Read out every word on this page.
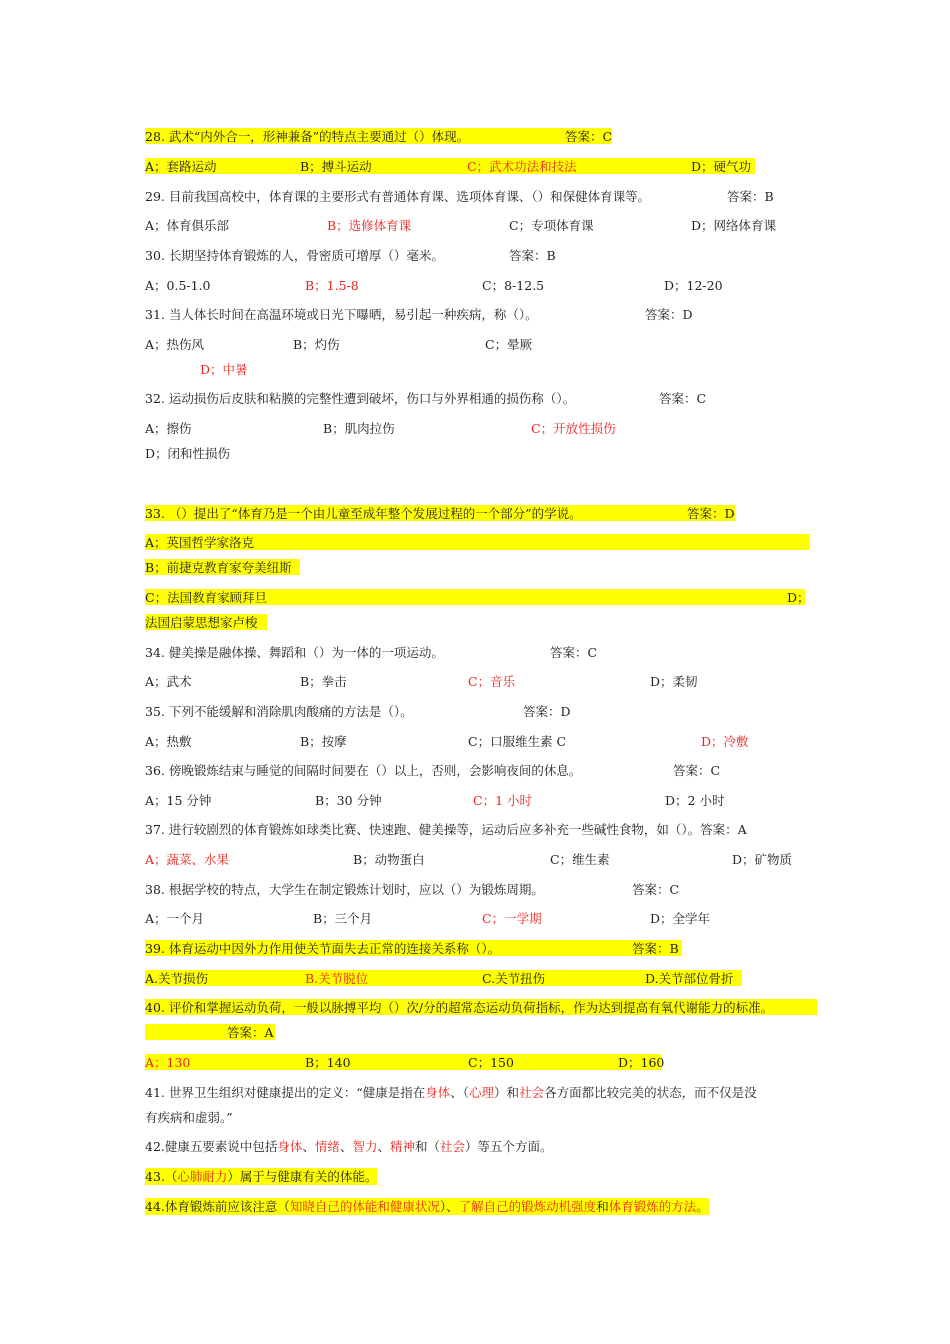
28. 武术“内外合一，形神兼备”的特点主要通过（）体现。	答案：C
A；套路运动	B；搏斗运动	C；武术功法和技法	D；硬气功
29. 目前我国高校中，体育课的主要形式有普通体育课、选项体育课、（）和保健体育课等。	答案：B
A；体育俱乐部	B；选修体育课	C；专项体育课	D；网络体育课
30. 长期坚持体育锻炼的人，骨密质可增厚（）毫米。	答案：B
A；0.5-1.0	B；1.5-8	C；8-12.5	D；12-20
31. 当人体长时间在高温环境或日光下曝晒，易引起一种疾病，称（）。	答案：D
A；热伤风	B；灼伤	C；晕厥
D；中暑
32. 运动损伤后皮肤和粘膜的完整性遭到破坏，伤口与外界相通的损伤称（）。	答案：C
A；擦伤	B；肌肉拉伤	C；开放性损伤
D；闭和性损伤
33. （）提出了“体育乃是一个由儿童至成年整个发展过程的一个部分”的学说。	答案：D
A；英国哲学家洛克
B；前捷克教育家夸美纽斯
C；法国教育家顾拜旦	D；
法国启蒙思想家卢梭
34. 健美操是融体操、舞蹈和（）为一体的一项运动。	答案：C
A；武术	B；拳击	C；音乐	D；柔韧
35. 下列不能缓解和消除肌肉酸痛的方法是（）。	答案：D
A；热敷	B；按摩	C；口服维生素 C	D；冷敷
36. 傍晚锻炼结束与睡觉的间隔时间要在（）以上，否则，会影响夜间的休息。	答案：C
A；15 分钟	B；30 分钟	C；1 小时	D；2 小时
37. 进行较剧烈的体育锻炼如球类比赛、快速跑、健美操等，运动后应多补充一些碱性食物，如（）。答案：A
A；蔬菜、水果	B；动物蛋白	C；维生素	D；矿物质
38. 根据学校的特点，大学生在制定锻炼计划时，应以（）为锻炼周期。	答案：C
A；一个月	B；三个月	C；一学期	D；全学年
39. 体育运动中因外力作用使关节面失去正常的连接关系称（）。	答案：B
A.关节损伤	B.关节脱位	C.关节扭伤	D.关节部位骨折
40. 评价和掌握运动负荷，一般以脉搏平均（）次/分的超常态运动负荷指标，作为达到提高有氧代谢能力的标准。
答案：A
A；130	B；140	C；150	D；160
41. 世界卫生组织对健康提出的定义：“健康是指在身体、（心理）和社会各方面都比较完美的状态，而不仅是没
有疾病和虚弱。”
42.健康五要素说中包括身体、情绪、智力、精神和（社会）等五个方面。
43.（心肺耐力）属于与健康有关的体能。
44.体育锻炼前应该注意（知晓自己的体能和健康状况）、了解自己的锻炼动机强度和体育锻炼的方法。
